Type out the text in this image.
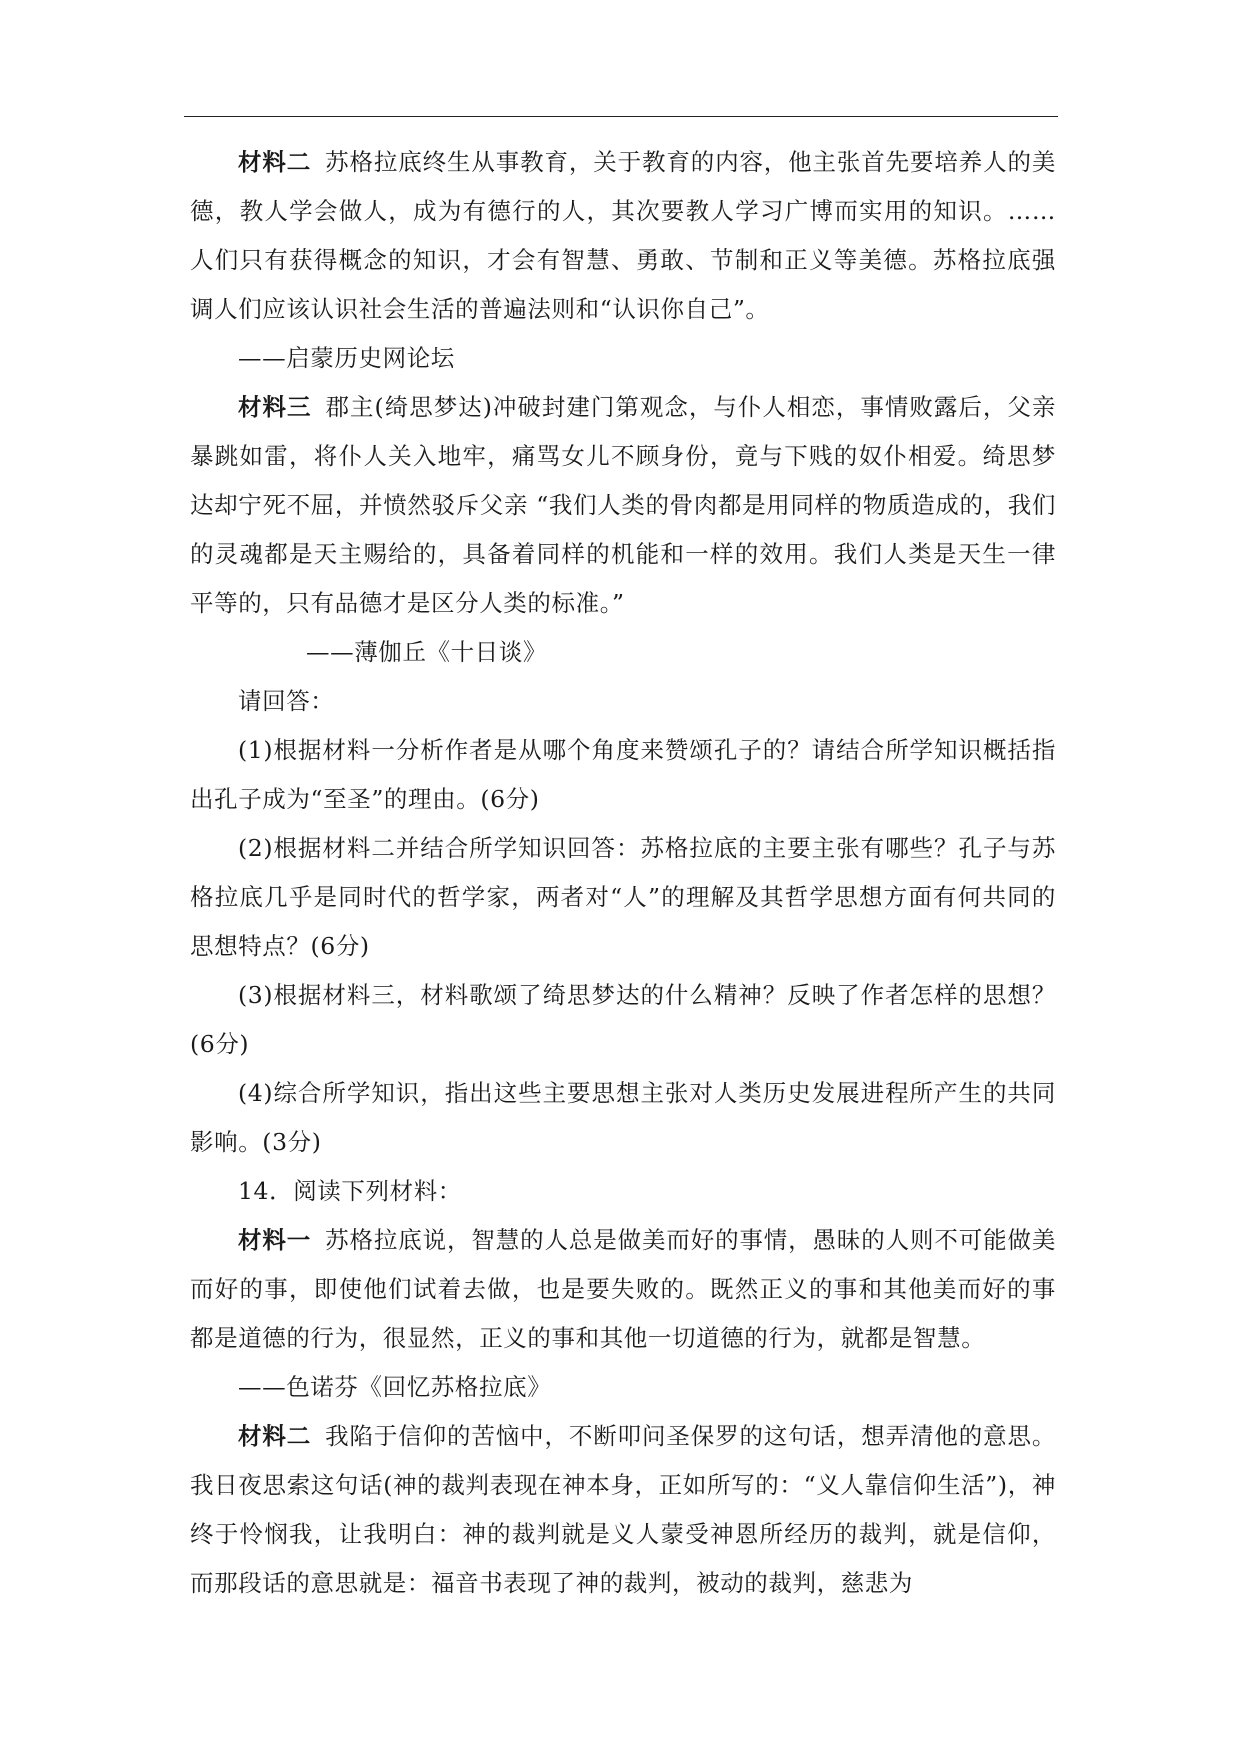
材料二 苏格拉底终生从事教育，关于教育的内容，他主张首先要培养人的美德，教人学会做人，成为有德行的人，其次要教人学习广博而实用的知识。……人们只有获得概念的知识，才会有智慧、勇敢、节制和正义等美德。苏格拉底强调人们应该认识社会生活的普遍法则和“认识你自己”。

——启蒙历史网论坛

材料三 郡主(绮思梦达)冲破封建门第观念，与仆人相恋，事情败露后，父亲暴跳如雷，将仆人关入地牢，痛骂女儿不顾身份，竟与下贱的奴仆相爱。绮思梦达却宁死不屈，并愤然驳斥父亲 “我们人类的骨肉都是用同样的物质造成的，我们的灵魂都是天主赐给的，具备着同样的机能和一样的效用。我们人类是天生一律平等的，只有品德才是区分人类的标准。”

——薄伽丘《十日谈》

请回答：

(1)根据材料一分析作者是从哪个角度来赞颂孔子的？请结合所学知识概括指出孔子成为“至圣”的理由。(6分)

(2)根据材料二并结合所学知识回答：苏格拉底的主要主张有哪些？孔子与苏格拉底几乎是同时代的哲学家，两者对“人”的理解及其哲学思想方面有何共同的思想特点？(6分)

(3)根据材料三，材料歌颂了绮思梦达的什么精神？反映了作者怎样的思想？(6分)

(4)综合所学知识，指出这些主要思想主张对人类历史发展进程所产生的共同影响。(3分)

14．阅读下列材料：

材料一 苏格拉底说，智慧的人总是做美而好的事情，愚昧的人则不可能做美而好的事，即使他们试着去做，也是要失败的。既然正义的事和其他美而好的事都是道德的行为，很显然，正义的事和其他一切道德的行为，就都是智慧。

——色诺芬《回忆苏格拉底》

材料二 我陷于信仰的苦恼中，不断叩问圣保罗的这句话，想弄清他的意思。我日夜思索这句话(神的裁判表现在神本身，正如所写的：“义人靠信仰生活”)，神终于怜悯我，让我明白：神的裁判就是义人蒙受神恩所经历的裁判，就是信仰，而那段话的意思就是：福音书表现了神的裁判，被动的裁判，慈悲为
